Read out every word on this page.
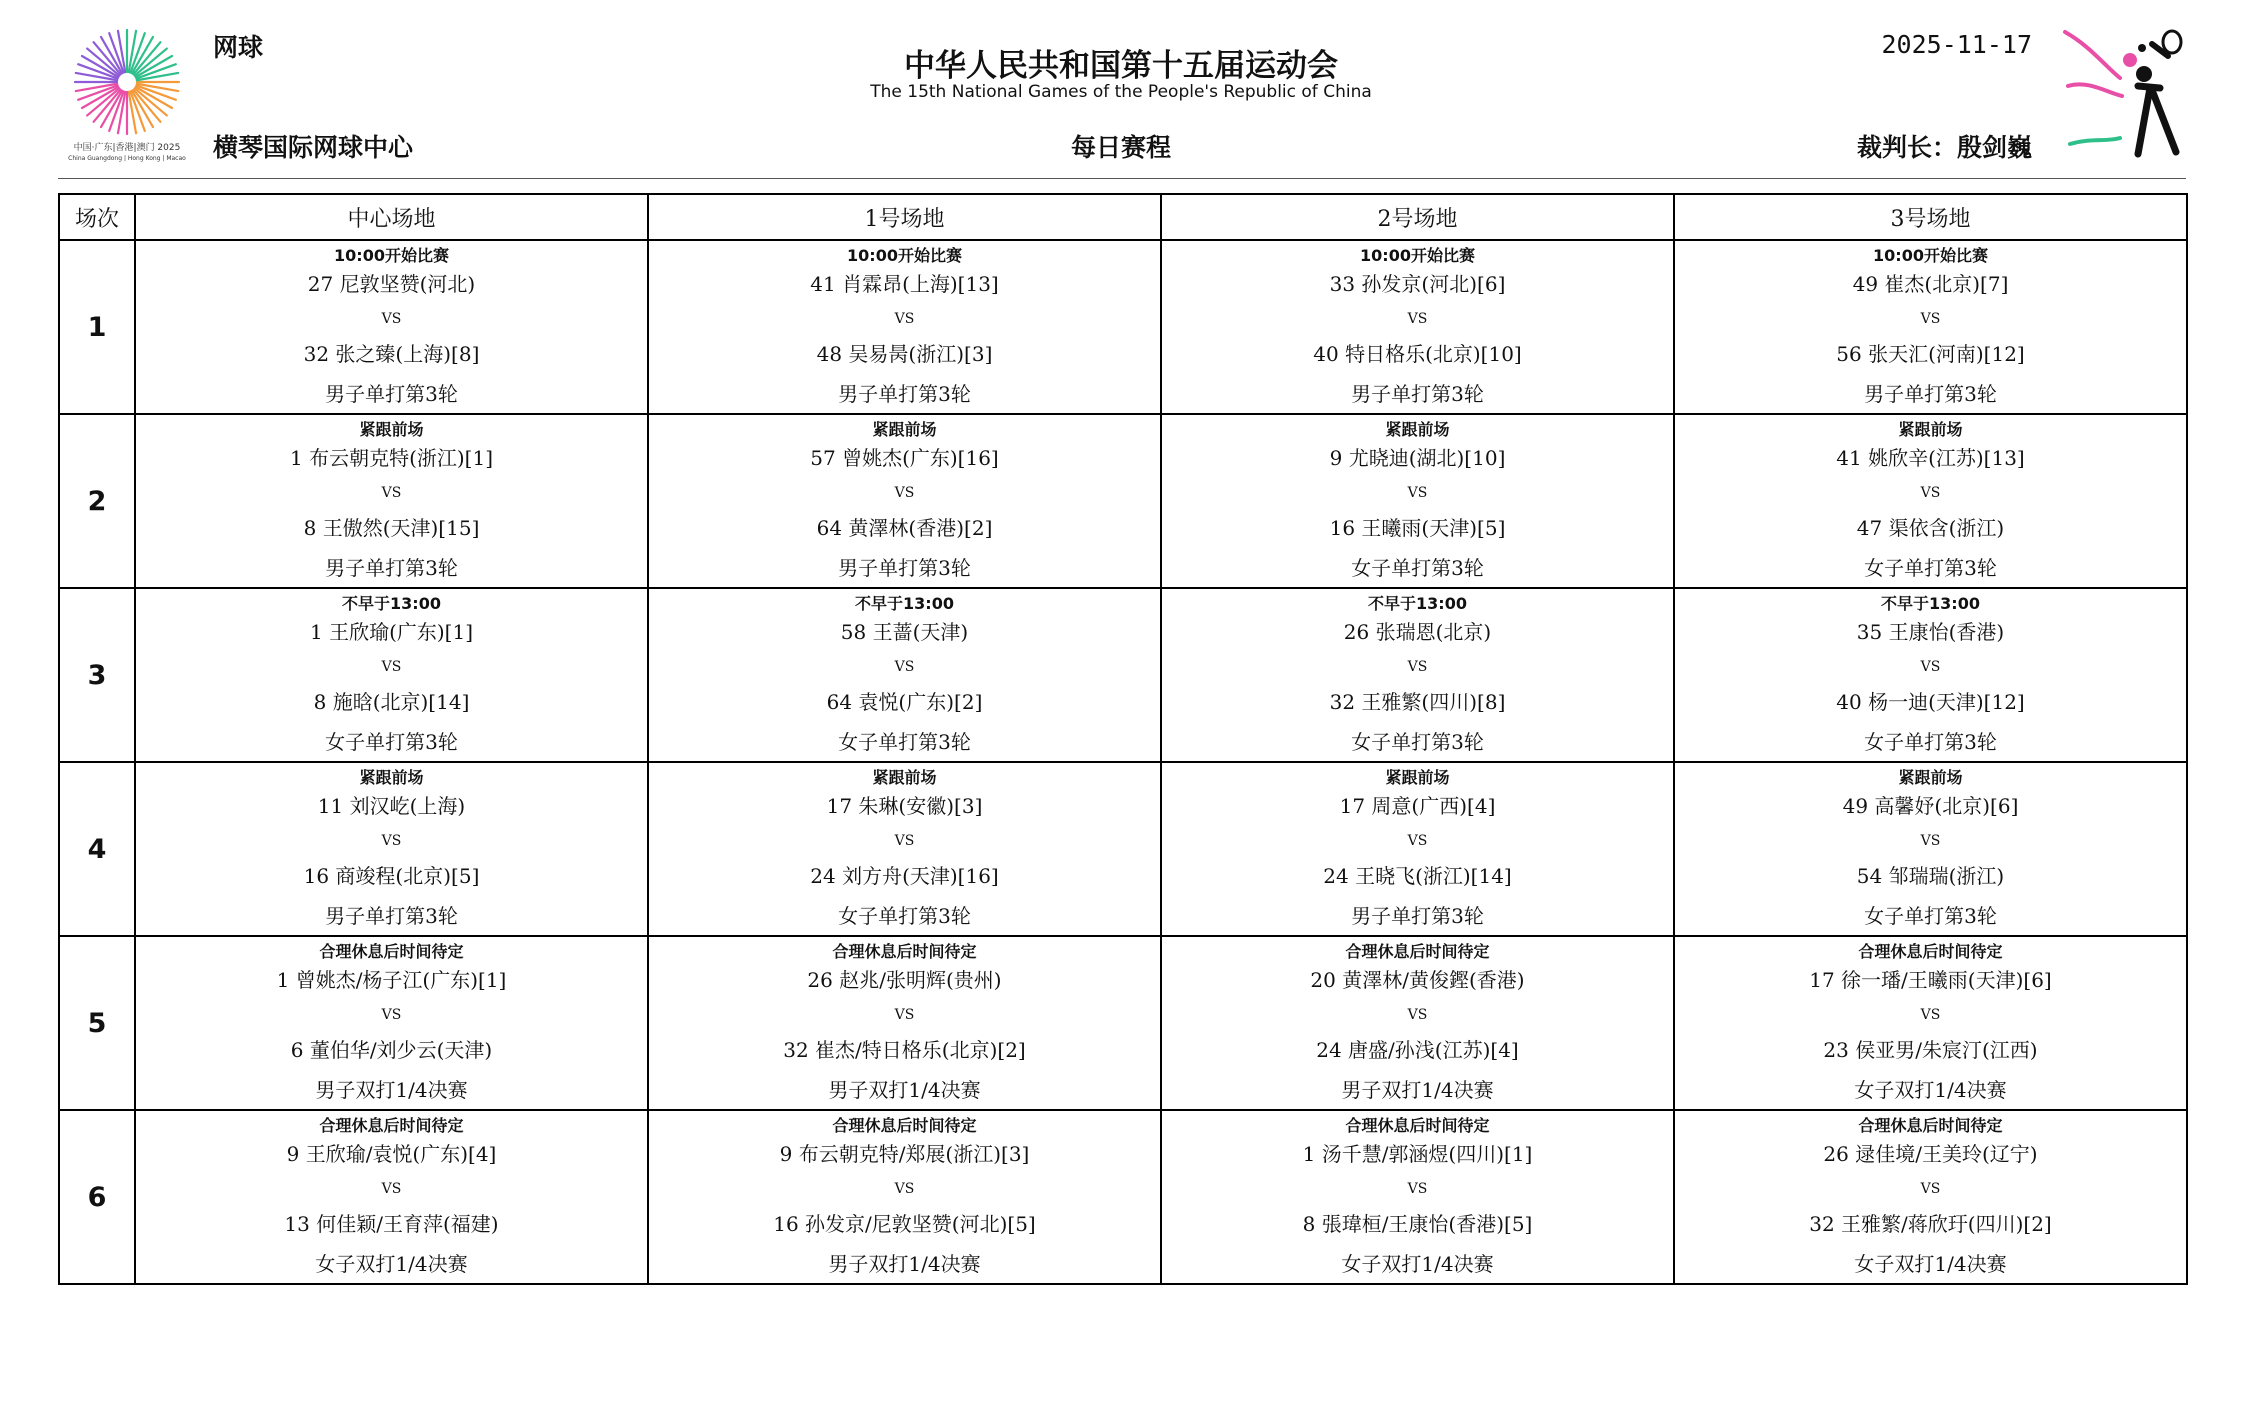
中国·广东|香港|澳门 2025
China Guangdong | Hong Kong | Macao
网球
横琴国际网球中心
中华人民共和国第十五届运动会
The 15th National Games of the People's Republic of China
每日赛程
2025-11-17
裁判长：殷剑巍
场次	中心场地	1号场地	2号场地	3号场地
1	10:00开始比赛
27 尼敦坚赞(河北)
VS
32 张之臻(上海)[8]
男子单打第3轮	10:00开始比赛
41 肖霖昂(上海)[13]
VS
48 吴易昺(浙江)[3]
男子单打第3轮	10:00开始比赛
33 孙发京(河北)[6]
VS
40 特日格乐(北京)[10]
男子单打第3轮	10:00开始比赛
49 崔杰(北京)[7]
VS
56 张天汇(河南)[12]
男子单打第3轮

2	紧跟前场
1 布云朝克特(浙江)[1]
VS
8 王傲然(天津)[15]
男子单打第3轮	紧跟前场
57 曾姚杰(广东)[16]
VS
64 黄澤林(香港)[2]
男子单打第3轮	紧跟前场
9 尤晓迪(湖北)[10]
VS
16 王曦雨(天津)[5]
女子单打第3轮	紧跟前场
41 姚欣辛(江苏)[13]
VS
47 渠依含(浙江)
女子单打第3轮

3	不早于13:00
1 王欣瑜(广东)[1]
VS
8 施晗(北京)[14]
女子单打第3轮	不早于13:00
58 王蔷(天津)
VS
64 袁悦(广东)[2]
女子单打第3轮	不早于13:00
26 张瑞恩(北京)
VS
32 王雅繁(四川)[8]
女子单打第3轮	不早于13:00
35 王康怡(香港)
VS
40 杨一迪(天津)[12]
女子单打第3轮

4	紧跟前场
11 刘汉屹(上海)
VS
16 商竣程(北京)[5]
男子单打第3轮	紧跟前场
17 朱琳(安徽)[3]
VS
24 刘方舟(天津)[16]
女子单打第3轮	紧跟前场
17 周意(广西)[4]
VS
24 王晓飞(浙江)[14]
男子单打第3轮	紧跟前场
49 高馨妤(北京)[6]
VS
54 邹瑞瑞(浙江)
女子单打第3轮

5	合理休息后时间待定
1 曾姚杰/杨子江(广东)[1]
VS
6 董伯华/刘少云(天津)
男子双打1/4决赛	合理休息后时间待定
26 赵兆/张明辉(贵州)
VS
32 崔杰/特日格乐(北京)[2]
男子双打1/4决赛	合理休息后时间待定
20 黄澤林/黄俊鏗(香港)
VS
24 唐盛/孙浅(江苏)[4]
男子双打1/4决赛	合理休息后时间待定
17 徐一璠/王曦雨(天津)[6]
VS
23 侯亚男/朱宸汀(江西)
女子双打1/4决赛

6	合理休息后时间待定
9 王欣瑜/袁悦(广东)[4]
VS
13 何佳颖/王育萍(福建)
女子双打1/4决赛	合理休息后时间待定
9 布云朝克特/郑展(浙江)[3]
VS
16 孙发京/尼敦坚赞(河北)[5]
男子双打1/4决赛	合理休息后时间待定
1 汤千慧/郭涵煜(四川)[1]
VS
8 張瑋桓/王康怡(香港)[5]
女子双打1/4决赛	合理休息后时间待定
26 逯佳境/王美玲(辽宁)
VS
32 王雅繁/蒋欣玗(四川)[2]
女子双打1/4决赛
